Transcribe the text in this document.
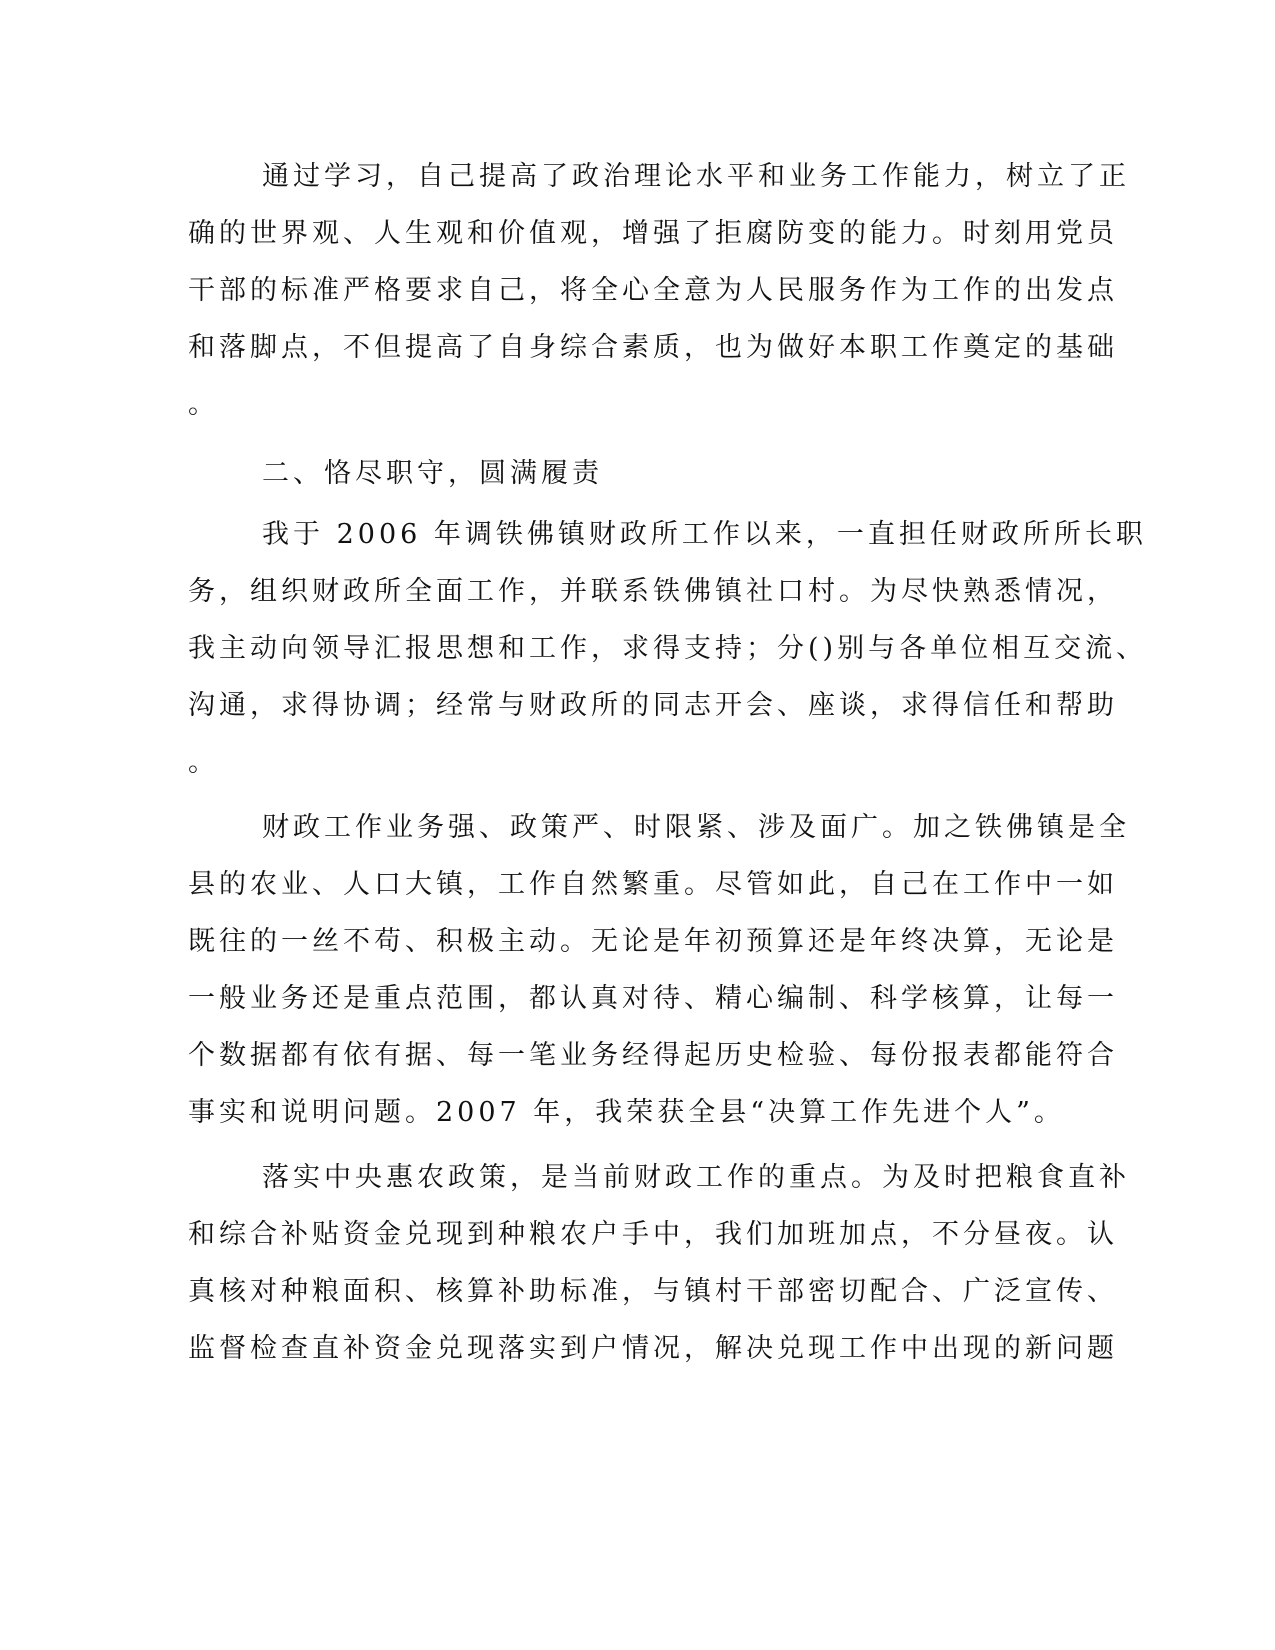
通过学习，自己提高了政治理论水平和业务工作能力，树立了正
确的世界观、人生观和价值观，增强了拒腐防变的能力。时刻用党员
干部的标准严格要求自己，将全心全意为人民服务作为工作的出发点
和落脚点，不但提高了自身综合素质，也为做好本职工作奠定的基础
。
二、恪尽职守，圆满履责
我于 2006 年调铁佛镇财政所工作以来，一直担任财政所所长职
务，组织财政所全面工作，并联系铁佛镇社口村。为尽快熟悉情况，
我主动向领导汇报思想和工作，求得支持；分()别与各单位相互交流、
沟通，求得协调；经常与财政所的同志开会、座谈，求得信任和帮助
。
财政工作业务强、政策严、时限紧、涉及面广。加之铁佛镇是全
县的农业、人口大镇，工作自然繁重。尽管如此，自己在工作中一如
既往的一丝不苟、积极主动。无论是年初预算还是年终决算，无论是
一般业务还是重点范围，都认真对待、精心编制、科学核算，让每一
个数据都有依有据、每一笔业务经得起历史检验、每份报表都能符合
事实和说明问题。2007 年，我荣获全县“决算工作先进个人”。
落实中央惠农政策，是当前财政工作的重点。为及时把粮食直补
和综合补贴资金兑现到种粮农户手中，我们加班加点，不分昼夜。认
真核对种粮面积、核算补助标准，与镇村干部密切配合、广泛宣传、
监督检查直补资金兑现落实到户情况，解决兑现工作中出现的新问题
